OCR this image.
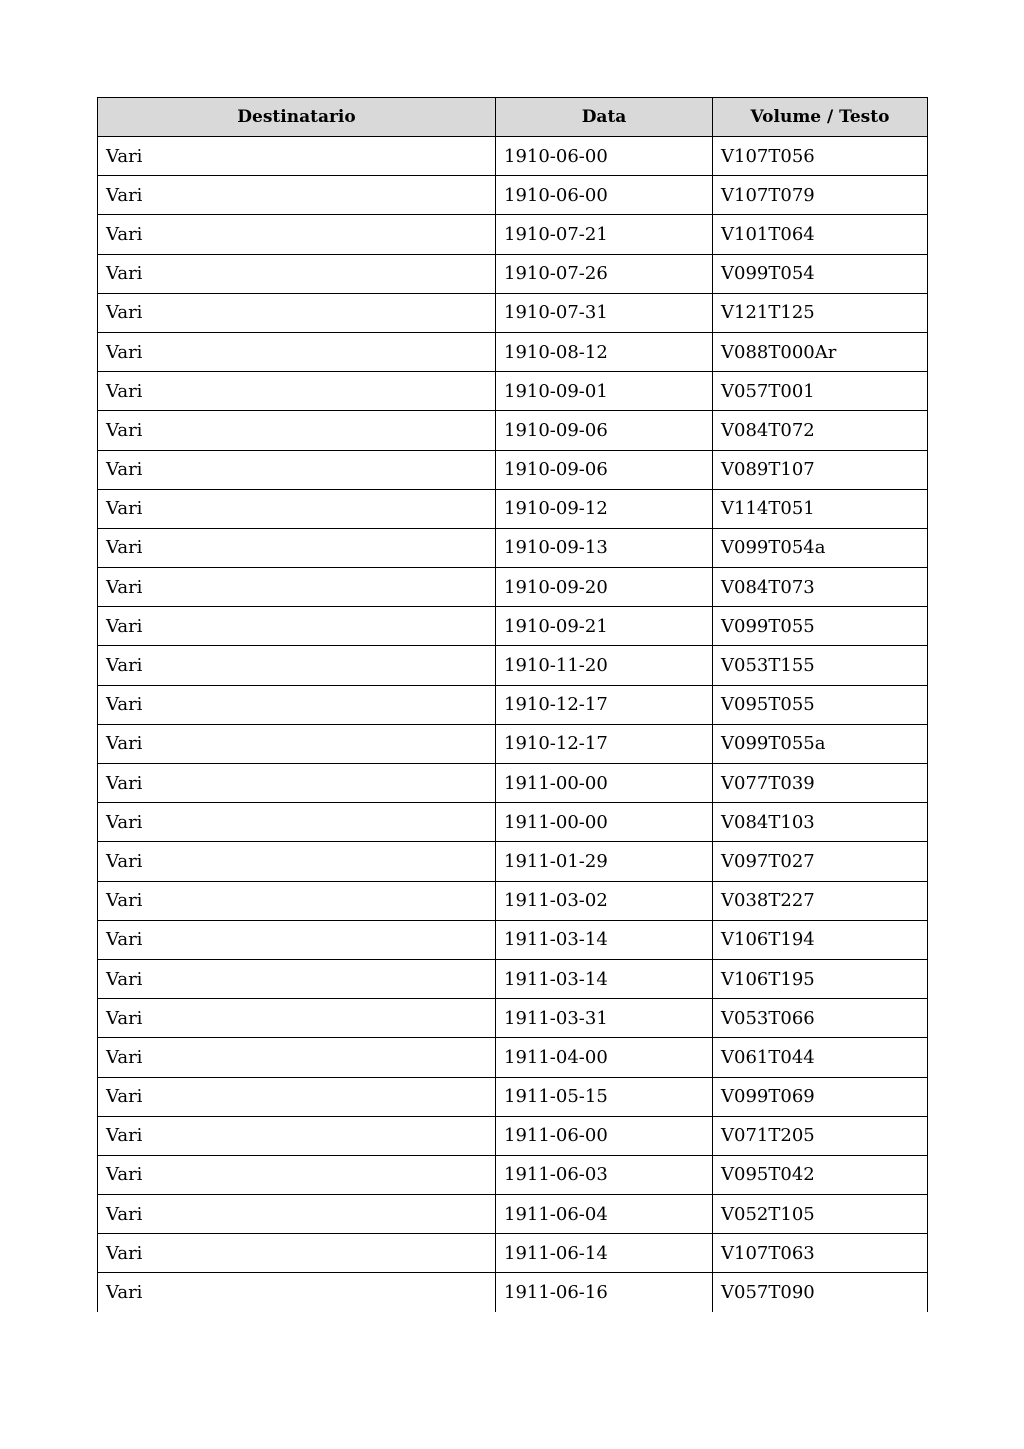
Destinatario	Data	Volume / Testo
Vari	1910-06-00	V107T056
Vari	1910-06-00	V107T079
Vari	1910-07-21	V101T064
Vari	1910-07-26	V099T054
Vari	1910-07-31	V121T125
Vari	1910-08-12	V088T000Ar
Vari	1910-09-01	V057T001
Vari	1910-09-06	V084T072
Vari	1910-09-06	V089T107
Vari	1910-09-12	V114T051
Vari	1910-09-13	V099T054a
Vari	1910-09-20	V084T073
Vari	1910-09-21	V099T055
Vari	1910-11-20	V053T155
Vari	1910-12-17	V095T055
Vari	1910-12-17	V099T055a
Vari	1911-00-00	V077T039
Vari	1911-00-00	V084T103
Vari	1911-01-29	V097T027
Vari	1911-03-02	V038T227
Vari	1911-03-14	V106T194
Vari	1911-03-14	V106T195
Vari	1911-03-31	V053T066
Vari	1911-04-00	V061T044
Vari	1911-05-15	V099T069
Vari	1911-06-00	V071T205
Vari	1911-06-03	V095T042
Vari	1911-06-04	V052T105
Vari	1911-06-14	V107T063
Vari	1911-06-16	V057T090
